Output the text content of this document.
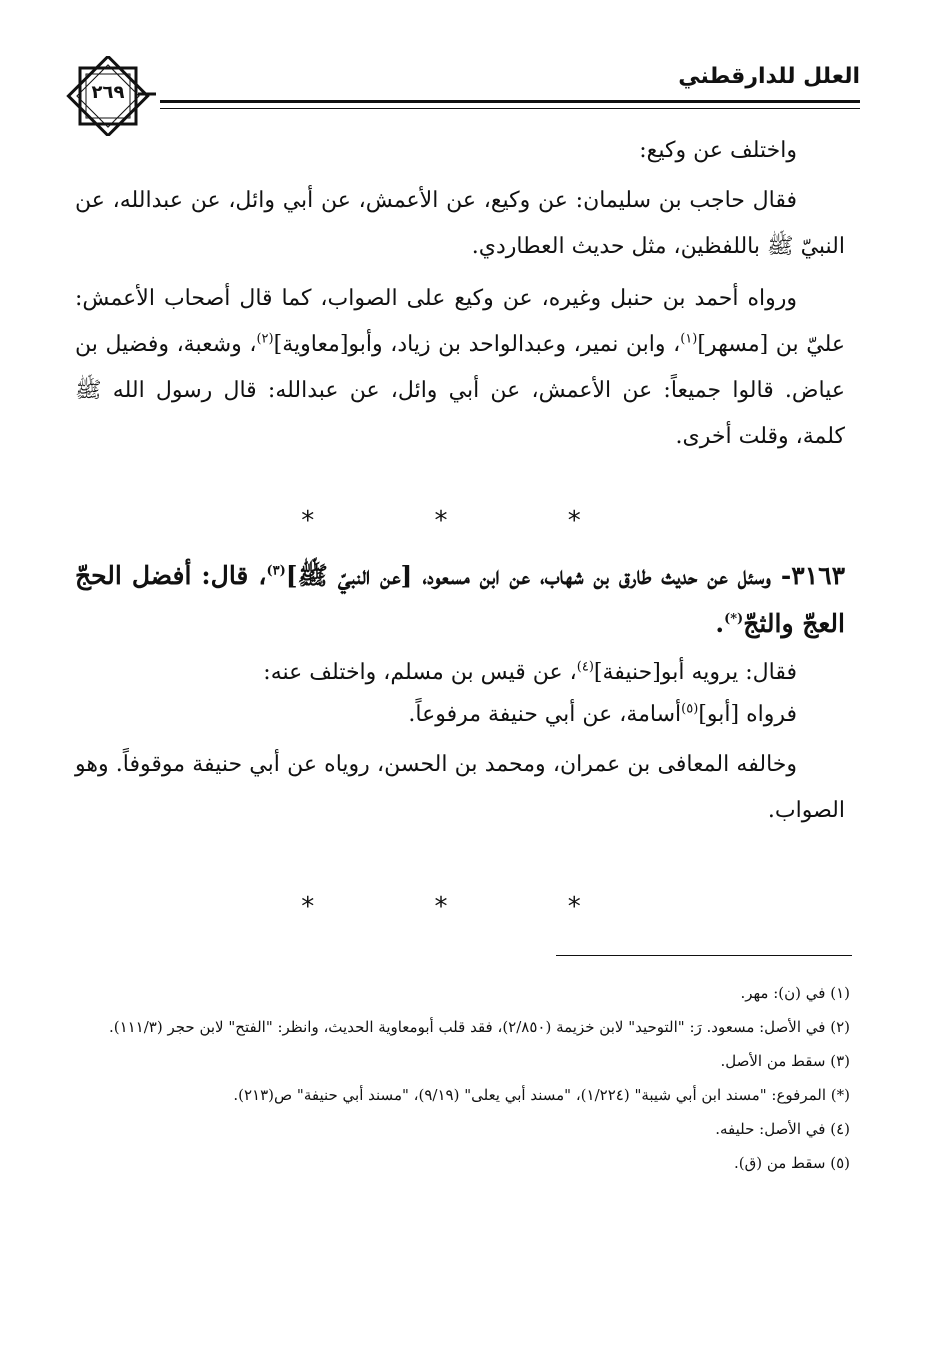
٢٦٩
العلل للدارقطني

واختلف عن وكيع:

فقال حاجب بن سليمان: عن وكيع، عن الأعمش، عن أبي وائل، عن عبدالله، عن النبيّ ﷺ باللفظين، مثل حديث العطاردي.

ورواه أحمد بن حنبل وغيره، عن وكيع على الصواب، كما قال أصحاب الأعمش: عليّ بن [مسهر]$^{(١)}$، وابن نمير، وعبدالواحد بن زياد، وأبو[معاوية]$^{(٢)}$، وشعبة، وفضيل بن عياض. قالوا جميعاً: عن الأعمش، عن أبي وائل، عن عبدالله: قال رسول الله ﷺ كلمة، وقلت أخرى.

* * *

٣١٦٣- وسئل عن حديث طارق بن شهاب، عن ابن مسعود، [عن النبيّ ﷺ]$^{(٣)}$، قال: أفضل الحجّ العجّ والثجّ(*).

فقال: يرويه أبو[حنيفة]$^{(٤)}$، عن قيس بن مسلم، واختلف عنه:

فرواه [أبو]$^{(٥)}$أسامة، عن أبي حنيفة مرفوعاً.

وخالفه المعافى بن عمران، ومحمد بن الحسن، روياه عن أبي حنيفة موقوفاً. وهو الصواب.

* * *

(١) في (ن): مهر.

(٢) في الأصل: مسعود. رَ: "التوحيد" لابن خزيمة (٢/٨٥٠)، فقد قلب أبومعاوية الحديث، وانظر: "الفتح" لابن حجر (١١١/٣).

(٣) سقط من الأصل.

(*) المرفوع: "مسند ابن أبي شيبة" (١/٢٢٤)، "مسند أبي يعلى" (٩/١٩)، "مسند أبي حنيفة" ص(٢١٣).

(٤) في الأصل: حليفه.

(٥) سقط من (ق).
